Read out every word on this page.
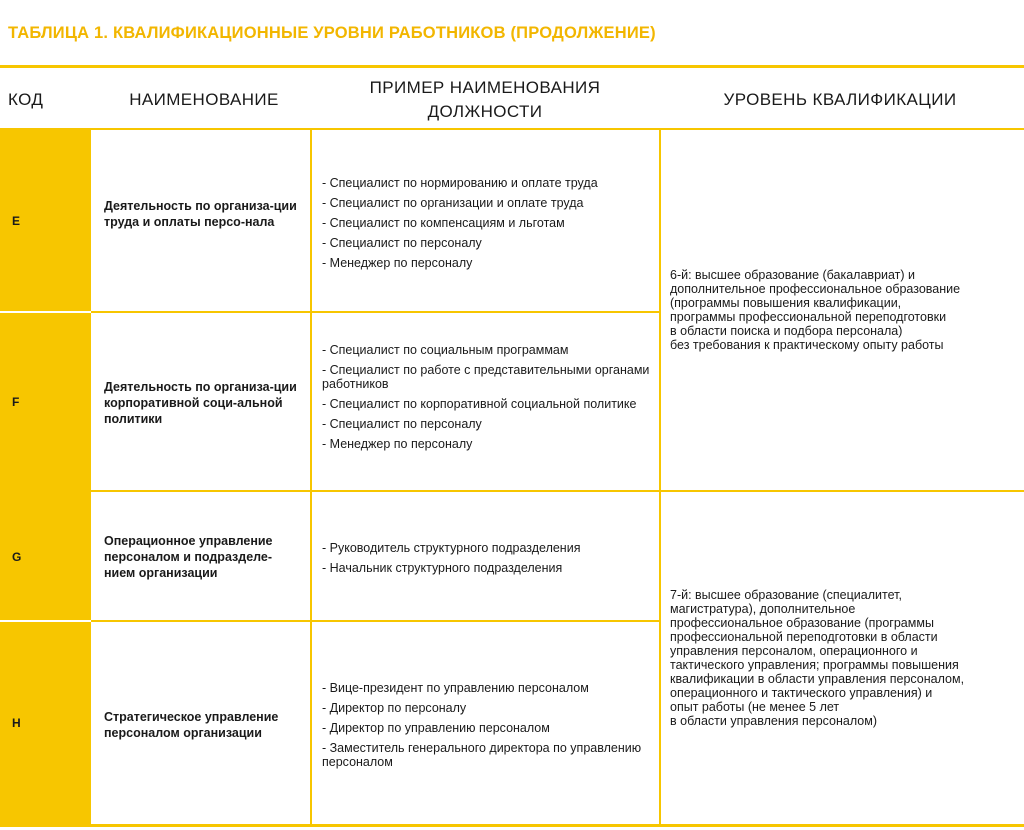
ТАБЛИЦА 1. КВАЛИФИКАЦИОННЫЕ УРОВНИ РАБОТНИКОВ (ПРОДОЛЖЕНИЕ)
КОД	НАИМЕНОВАНИЕ
ПРИМЕР НАИМЕНОВАНИЯ ДОЛЖНОСТИ
УРОВЕНЬ КВАЛИФИКАЦИИ
E
F
G
H
Деятельность по организа-ции труда и оплаты персо-нала
Деятельность по организа-ции корпоративной соци-альной политики
Операционное управление персоналом и подразделе-нием организации
Стратегическое управление персоналом организации
- Специалист по нормированию и оплате труда
- Специалист по организации и оплате труда
- Специалист по компенсациям и льготам
- Специалист по персоналу
- Менеджер по персоналу
- Специалист по социальным программам
- Специалист по работе с представительными органами работников
- Специалист по корпоративной социальной политике
- Специалист по персоналу
- Менеджер по персоналу
- Руководитель структурного подразделения
- Начальник структурного подразделения
- Вице-президент по управлению персоналом
- Директор по персоналу
- Директор по управлению персоналом
- Заместитель генерального директора по управлению персоналом
6-й: высшее образование (бакалавриат) и
дополнительное профессиональное образование
(программы повышения квалификации,
программы профессиональной переподготовки
в области поиска и подбора персонала)
без требования к практическому опыту работы
7-й: высшее образование (специалитет,
магистратура), дополнительное
профессиональное образование (программы
профессиональной переподготовки в области
управления персоналом, операционного и
тактического управления; программы повышения
квалификации в области управления персоналом,
операционного и тактического управления) и
опыт работы (не менее 5 лет
в области управления персоналом)
